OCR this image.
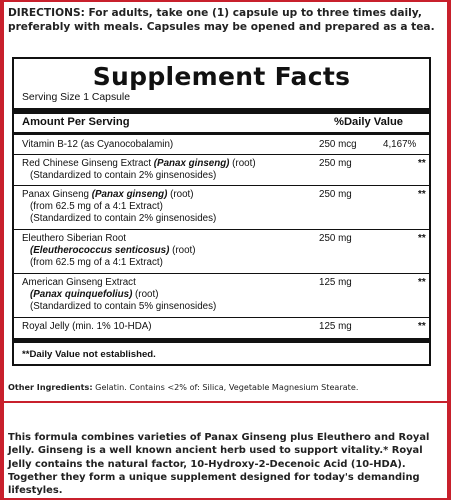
DIRECTIONS: For adults, take one (1) capsule up to three times daily, preferably with meals. Capsules may be opened and prepared as a tea.
Supplement Facts
Serving Size 1 Capsule
Amount Per Serving	%Daily Value
Vitamin B-12 (as Cyanocobalamin)	250 mcg	4,167%
Red Chinese Ginseng Extract (Panax ginseng) (root)
(Standardized to contain 2% ginsenosides)
250 mg	**
Panax Ginseng (Panax ginseng) (root)
(from 62.5 mg of a 4:1 Extract)
(Standardized to contain 2% ginsenosides)
250 mg	**
Eleuthero Siberian Root
(Eleutherococcus senticosus) (root)
(from 62.5 mg of a 4:1 Extract)
250 mg	**
American Ginseng Extract
(Panax quinquefolius) (root)
(Standardized to contain 5% ginsenosides)
125 mg	**
Royal Jelly (min. 1% 10-HDA)	125 mg	**
**Daily Value not established.
Other Ingredients: Gelatin. Contains <2% of: Silica, Vegetable Magnesium Stearate.
This formula combines varieties of Panax Ginseng plus Eleuthero and Royal Jelly. Ginseng is a well known ancient herb used to support vitality.* Royal Jelly contains the natural factor, 10-Hydroxy-2-Decenoic Acid (10-HDA). Together they form a unique supplement designed for today's demanding lifestyles.
